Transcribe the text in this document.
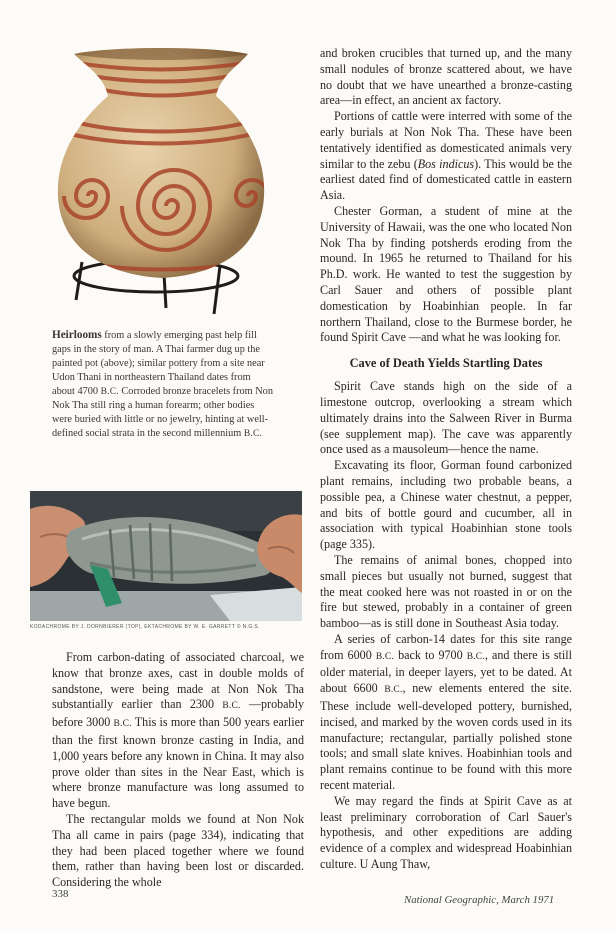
Heirlooms from a slowly emerging past help fill gaps in the story of man. A Thai farmer dug up the painted pot (above); similar pottery from a site near Udon Thani in northeastern Thailand dates from about 4700 B.C. Corroded bronze bracelets from Non Nok Tha still ring a human forearm; other bodies were buried with little or no jewelry, hinting at well-defined social strata in the second millennium B.C.
KODACHROME BY J. DORNBIERER (TOP), EKTACHROME BY W. E. GARRETT © N.G.S.

From carbon-dating of associated charcoal, we know that bronze axes, cast in double molds of sandstone, were being made at Non Nok Tha substantially earlier than 2300 B.C. —probably before 3000 B.C. This is more than 500 years earlier than the first known bronze casting in India, and 1,000 years before any known in China. It may also prove older than sites in the Near East, which is where bronze manufacture was long assumed to have begun.

The rectangular molds we found at Non Nok Tha all came in pairs (page 334), indicating that they had been placed together where we found them, rather than having been lost or discarded. Considering the whole

and broken crucibles that turned up, and the many small nodules of bronze scattered about, we have no doubt that we have unearthed a bronze-casting area—in effect, an ancient ax factory.

Portions of cattle were interred with some of the early burials at Non Nok Tha. These have been tentatively identified as domesticated animals very similar to the zebu (Bos indicus). This would be the earliest dated find of domesticated cattle in eastern Asia.

Chester Gorman, a student of mine at the University of Hawaii, was the one who located Non Nok Tha by finding potsherds eroding from the mound. In 1965 he returned to Thailand for his Ph.D. work. He wanted to test the suggestion by Carl Sauer and others of possible plant domestication by Hoabinhian people. In far northern Thailand, close to the Burmese border, he found Spirit Cave —and what he was looking for.

Cave of Death Yields Startling Dates

Spirit Cave stands high on the side of a limestone outcrop, overlooking a stream which ultimately drains into the Salween River in Burma (see supplement map). The cave was apparently once used as a mausoleum—hence the name.

Excavating its floor, Gorman found carbonized plant remains, including two probable beans, a possible pea, a Chinese water chestnut, a pepper, and bits of bottle gourd and cucumber, all in association with typical Hoabinhian stone tools (page 335).

The remains of animal bones, chopped into small pieces but usually not burned, suggest that the meat cooked here was not roasted in or on the fire but stewed, probably in a container of green bamboo—as is still done in Southeast Asia today.

A series of carbon-14 dates for this site range from 6000 B.C. back to 9700 B.C., and there is still older material, in deeper layers, yet to be dated. At about 6600 B.C., new elements entered the site. These include well-developed pottery, burnished, incised, and marked by the woven cords used in its manufacture; rectangular, partially polished stone tools; and small slate knives. Hoabinhian tools and plant remains continue to be found with this more recent material.

We may regard the finds at Spirit Cave as at least preliminary corroboration of Carl Sauer's hypothesis, and other expeditions are adding evidence of a complex and widespread Hoabinhian culture. U Aung Thaw,

338	National Geographic, March 1971
